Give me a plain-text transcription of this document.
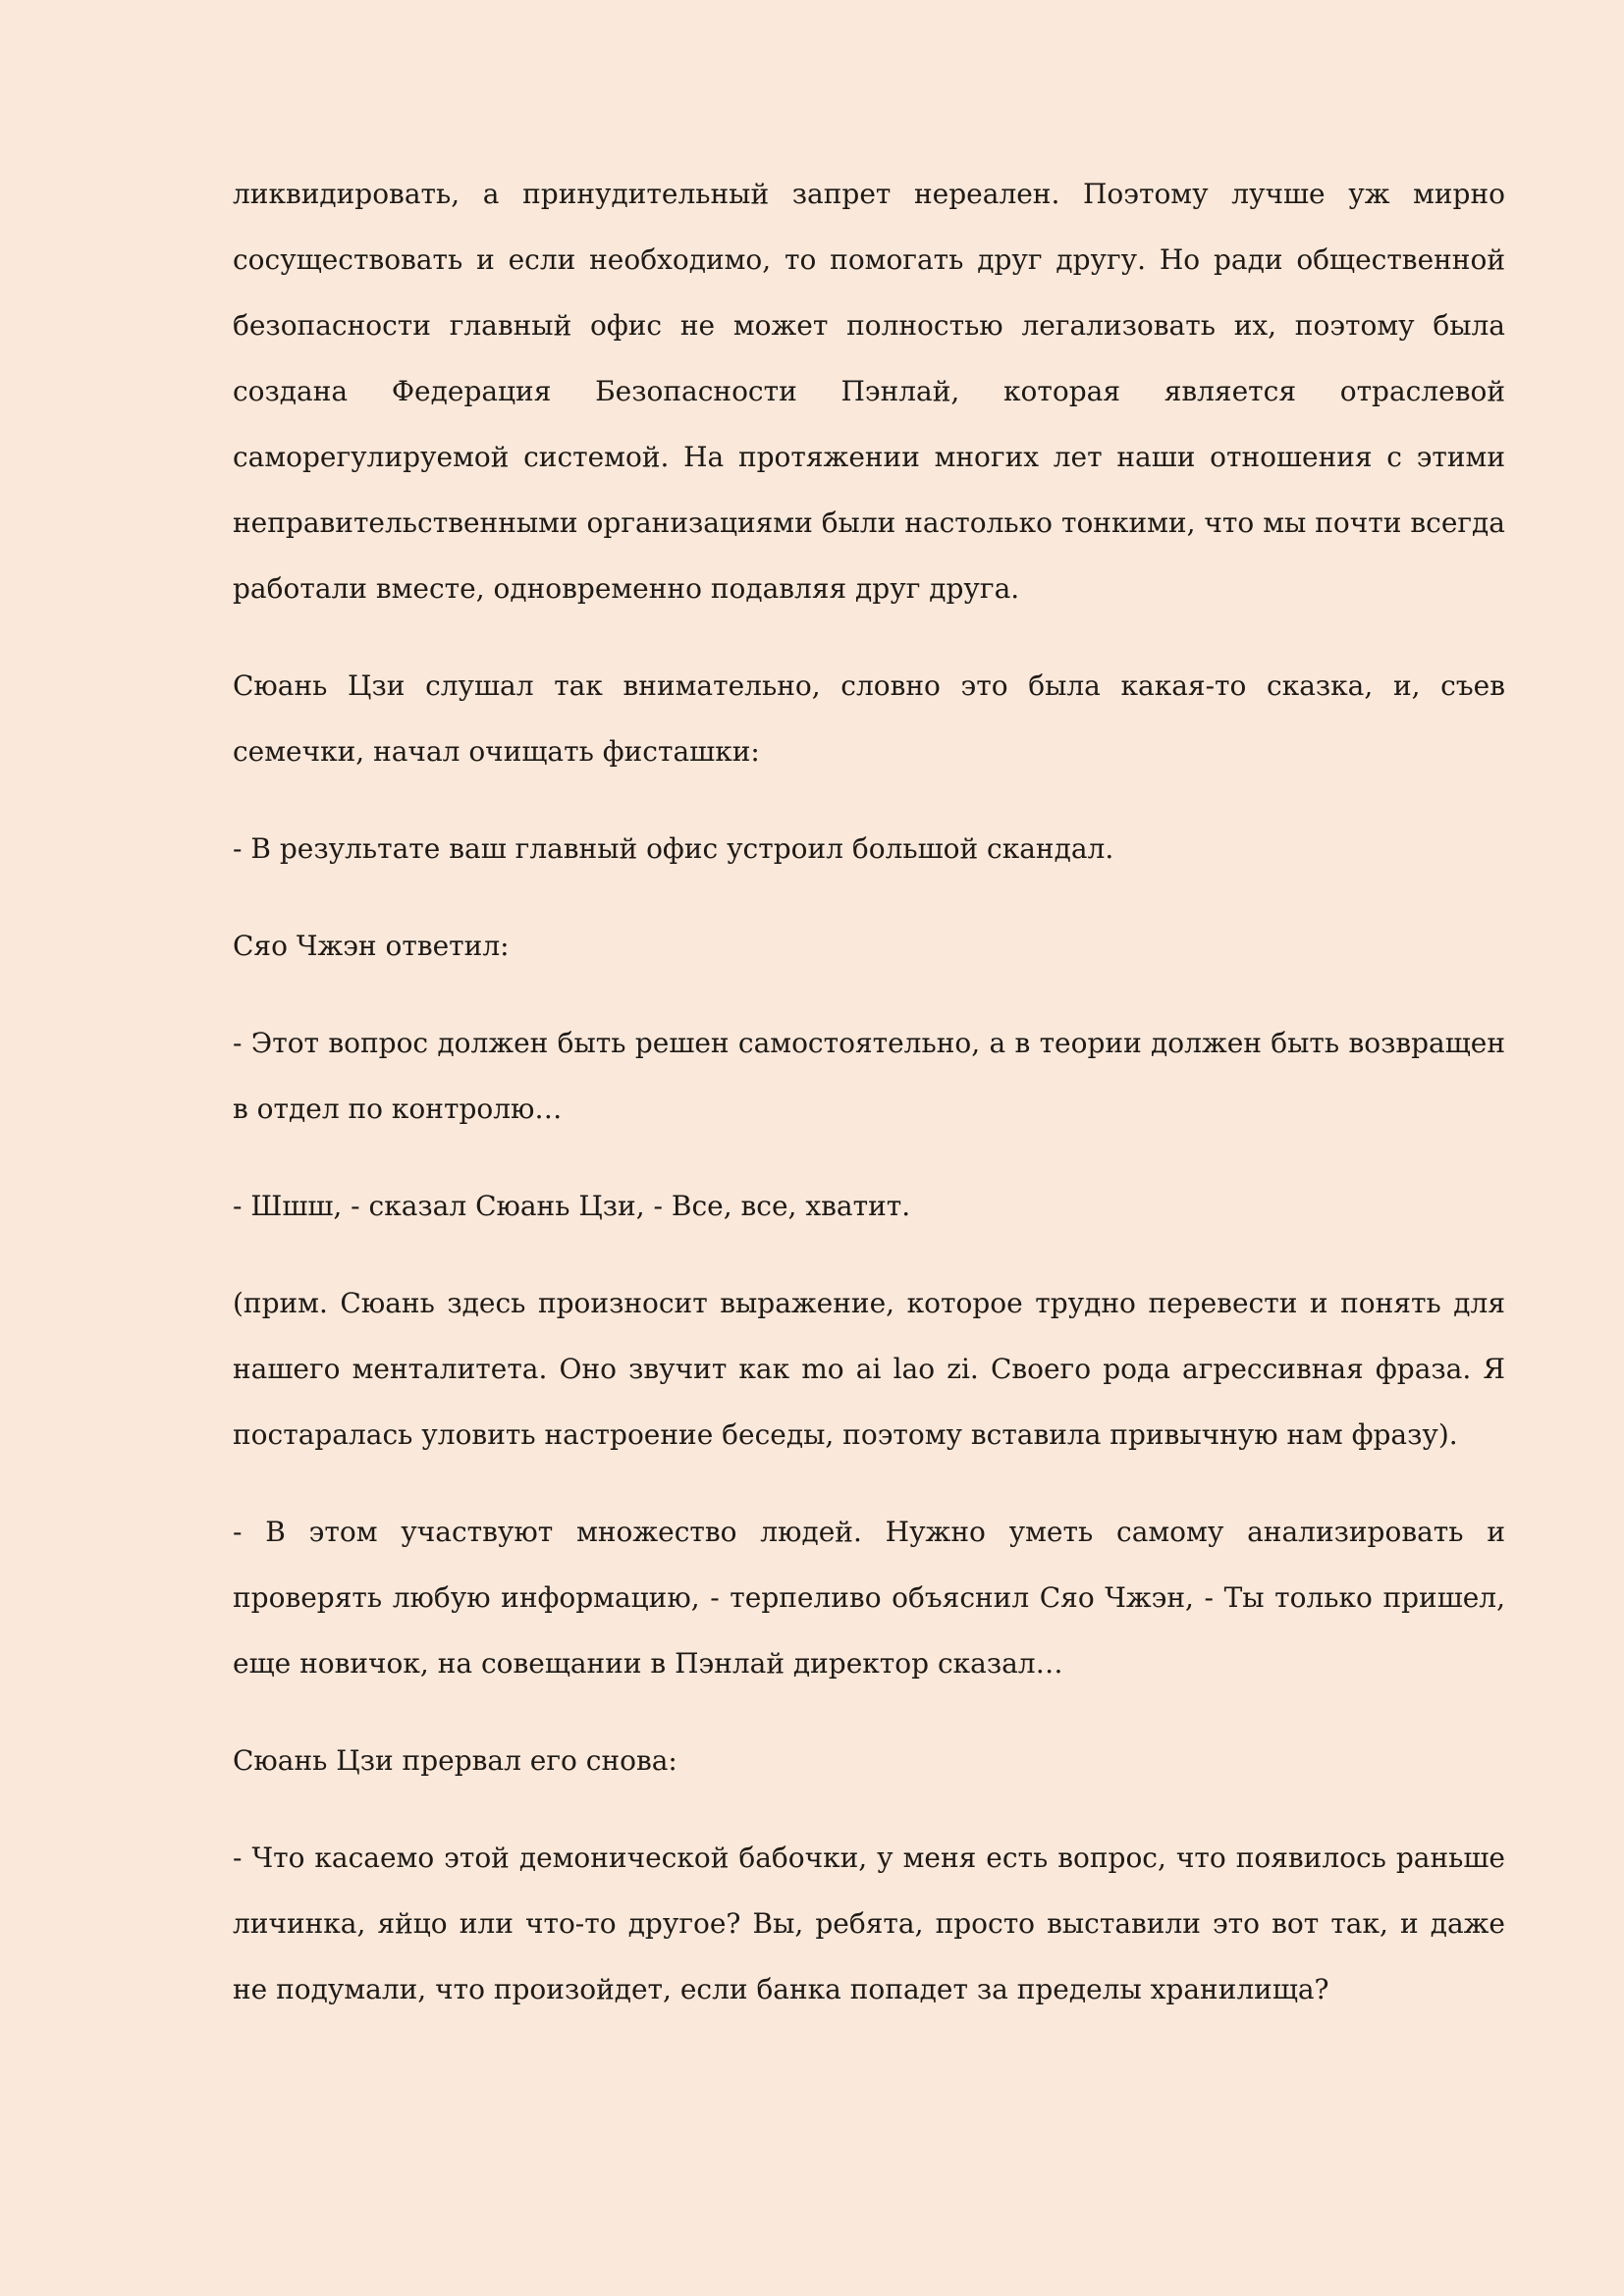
ликвидировать, а принудительный запрет нереален. Поэтому лучше уж мирно сосуществовать и если необходимо, то помогать друг другу. Но ради общественной безопасности главный офис не может полностью легализовать их, поэтому была создана Федерация Безопасности Пэнлай, которая является отраслевой саморегулируемой системой. На протяжении многих лет наши отношения с этими неправительственными организациями были настолько тонкими, что мы почти всегда работали вместе, одновременно подавляя друг друга.

Сюань Цзи слушал так внимательно, словно это была какая-то сказка, и, съев семечки, начал очищать фисташки:

- В результате ваш главный офис устроил большой скандал.

Сяо Чжэн ответил:

- Этот вопрос должен быть решен самостоятельно, а в теории должен быть возвращен в отдел по контролю…

- Шшш, - сказал Сюань Цзи, - Все, все, хватит.

(прим. Сюань здесь произносит выражение, которое трудно перевести и понять для нашего менталитета. Оно звучит как mo ai lao zi. Своего рода агрессивная фраза. Я постаралась уловить настроение беседы, поэтому вставила привычную нам фразу).

- В этом участвуют множество людей. Нужно уметь самому анализировать и проверять любую информацию, - терпеливо объяснил Сяо Чжэн, - Ты только пришел, еще новичок, на совещании в Пэнлай директор сказал…

Сюань Цзи прервал его снова:

- Что касаемо этой демонической бабочки, у меня есть вопрос, что появилось раньше личинка, яйцо или что-то другое? Вы, ребята, просто выставили это вот так, и даже не подумали, что произойдет, если банка попадет за пределы хранилища?
